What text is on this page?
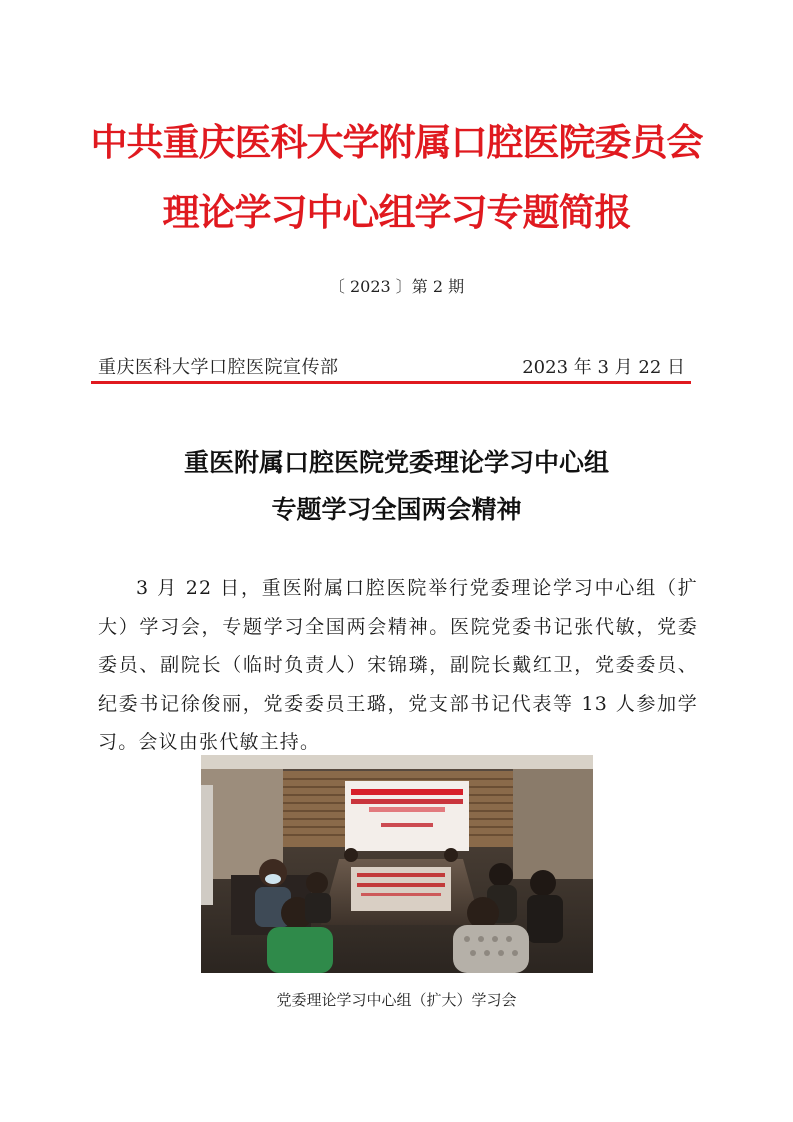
中共重庆医科大学附属口腔医院委员会
理论学习中心组学习专题简报
〔 2023 〕第 2 期
重庆医科大学口腔医院宣传部	2023 年 3 月 22 日
重医附属口腔医院党委理论学习中心组
专题学习全国两会精神

3 月 22 日，重医附属口腔医院举行党委理论学习中心组（扩大）学习会，专题学习全国两会精神。医院党委书记张代敏，党委委员、副院长（临时负责人）宋锦璘，副院长戴红卫，党委委员、纪委书记徐俊丽，党委委员王璐，党支部书记代表等 13 人参加学习。会议由张代敏主持。

党委理论学习中心组（扩大）学习会
